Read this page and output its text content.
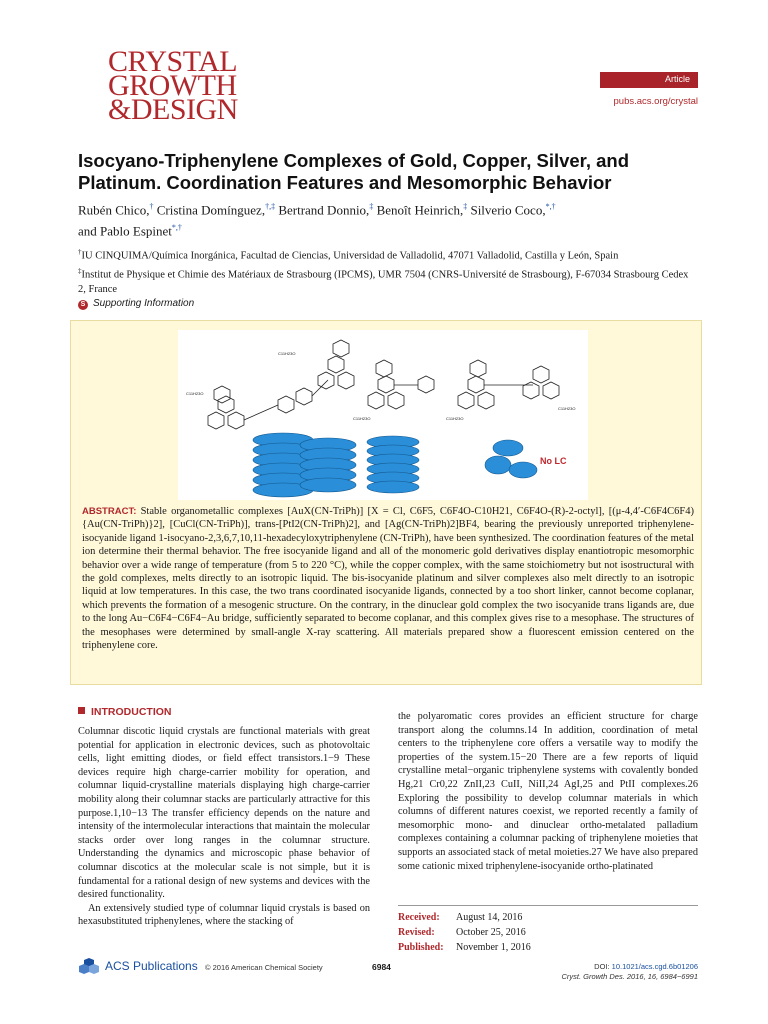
CRYSTAL
GROWTH
&DESIGN
Article
pubs.acs.org/crystal
Isocyano-Triphenylene Complexes of Gold, Copper, Silver, and Platinum. Coordination Features and Mesomorphic Behavior
Rubén Chico,† Cristina Domínguez,†,‡ Bertrand Donnio,‡ Benoît Heinrich,‡ Silverio Coco,*,†
and Pablo Espinet*,†
†IU CINQUIMA/Química Inorgánica, Facultad de Ciencias, Universidad de Valladolid, 47071 Valladolid, Castilla y León, Spain
‡Institut de Physique et Chimie des Matériaux de Strasbourg (IPCMS), UMR 7504 (CNRS-Université de Strasbourg), F-67034 Strasbourg Cedex 2, France
S Supporting Information
C11H23O
C11H23O
C11H23O	C11H23O
C11H23O
No LC
ABSTRACT: Stable organometallic complexes [AuX(CN-TriPh)] [X = Cl, C6F5, C6F4O-C10H21, C6F4O-(R)-2-octyl], [(μ-4,4′-C6F4C6F4){Au(CN-TriPh)}2], [CuCl(CN-TriPh)], trans-[PtI2(CN-TriPh)2], and [Ag(CN-TriPh)2]BF4, bearing the previously unreported triphenylene-isocyanide ligand 1-isocyano-2,3,6,7,10,11-hexadecyloxytriphenylene (CN-TriPh), have been synthesized. The coordination features of the metal ion determine their thermal behavior. The free isocyanide ligand and all of the monomeric gold derivatives display enantiotropic mesomorphic behavior over a wide range of temperature (from 5 to 220 °C), while the copper complex, with the same stoichiometry but not isostructural with the gold complexes, melts directly to an isotropic liquid. The bis-isocyanide platinum and silver complexes also melt directly to an isotropic liquid at low temperatures. In this case, the two trans coordinated isocyanide ligands, connected by a too short linker, cannot become coplanar, which prevents the formation of a mesogenic structure. On the contrary, in the dinuclear gold complex the two isocyanide trans ligands are, due to the long Au−C6F4−C6F4−Au bridge, sufficiently separated to become coplanar, and this complex gives rise to a mesophase. The structures of the mesophases were determined by small-angle X-ray scattering. All materials prepared show a fluorescent emission centered on the triphenylene core.
INTRODUCTION

Columnar discotic liquid crystals are functional materials with great potential for application in electronic devices, such as photovoltaic cells, light emitting diodes, or field effect transistors.1−9 These devices require high charge-carrier mobility for operation, and columnar liquid-crystalline materials displaying high charge-carrier mobility along their columnar stacks are particularly attractive for this purpose.1,10−13 The transfer efficiency depends on the nature and intensity of the intermolecular interactions that maintain the molecular stacks order over long ranges in the columnar structure. Understanding the dynamics and microscopic phase behavior of columnar discotics at the molecular scale is not simple, but it is fundamental for a rational design of new systems and devices with the desired functionality.

An extensively studied type of columnar liquid crystals is based on hexasubstituted triphenylenes, where the stacking of

the polyaromatic cores provides an efficient structure for charge transport along the columns.14 In addition, coordination of metal centers to the triphenylene core offers a versatile way to modify the properties of the system.15−20 There are a few reports of liquid crystalline metal−organic triphenylene systems with covalently bonded Hg,21 Cr0,22 ZnII,23 CuII, NiII,24 AgI,25 and PtII complexes.26 Exploring the possibility to develop columnar materials in which columns of different natures coexist, we reported recently a family of mesomorphic mono- and dinuclear ortho-metalated palladium complexes containing a columnar packing of triphenylene moieties that supports an associated stack of metal moieties.27 We have also prepared some cationic mixed triphenylene-isocyanide ortho-platinated

Received: August 14, 2016
Revised: October 25, 2016
Published: November 1, 2016
ACS Publications © 2016 American Chemical Society	6984	DOI: 10.1021/acs.cgd.6b01206
Cryst. Growth Des. 2016, 16, 6984−6991
